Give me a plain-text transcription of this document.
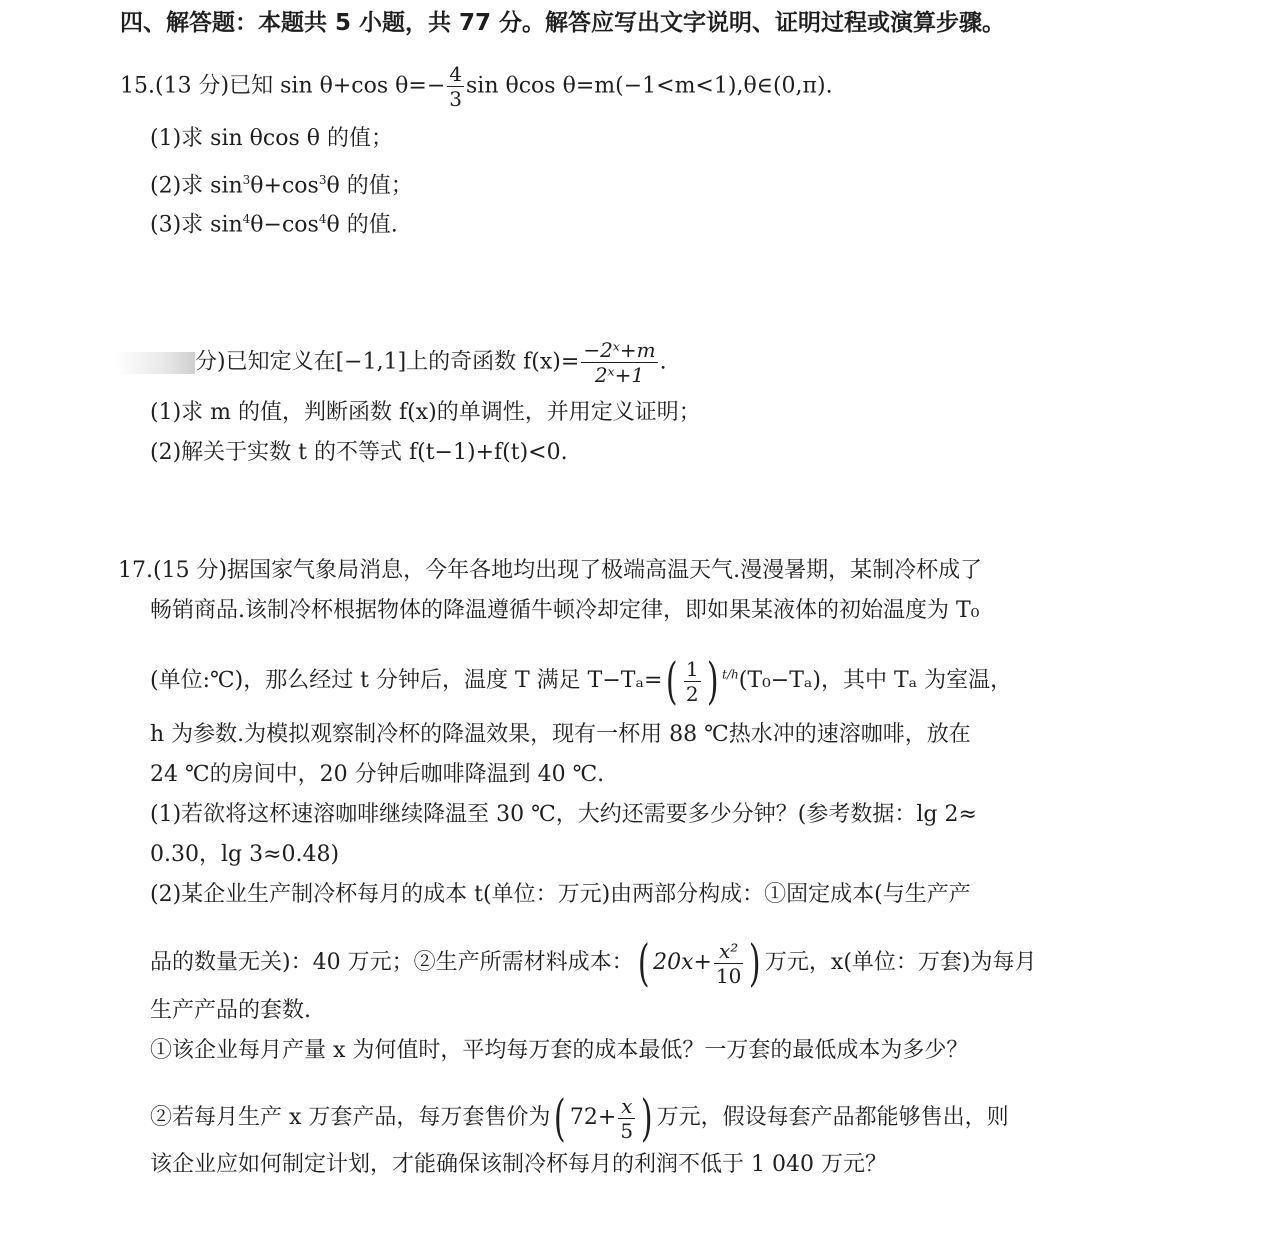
四、解答题：本题共 5 小题，共 77 分。解答应写出文字说明、证明过程或演算步骤。
15.(13 分)已知 sin θ+cos $\theta=- \frac{4}{3}$ sin θcos θ=m(−1<m<1),θ∈(0,π).
(1)求 sin θcos θ 的值；
(2)求 $\sin^3\theta+\cos^3\theta$ 的值；
(3)求 $\sin^4\theta-\cos^4\theta$ 的值.
分)已知定义在[−1,1]上的奇函数 $f(x)= \frac{\text{−2ˣ+m}}{\text{2ˣ+1}}$ .
(1)求 m 的值，判断函数 f(x)的单调性，并用定义证明；
(2)解关于实数 t 的不等式 f(t−1)+f(t)<0.
17.(15 分)据国家气象局消息，今年各地均出现了极端高温天气.漫漫暑期，某制冷杯成了
畅销商品.该制冷杯根据物体的降温遵循牛顿冷却定律，即如果某液体的初始温度为 T₀
(单位:℃)，那么经过 t 分钟后，温度 T 满足 $T-T_a=( \frac{1}{2}$ ) $^{t/h}$(T₀−Tₐ)，其中 Tₐ 为室温，
h 为参数.为模拟观察制冷杯的降温效果，现有一杯用 88 ℃热水冲的速溶咖啡，放在
24 ℃的房间中，20 分钟后咖啡降温到 40 ℃.
(1)若欲将这杯速溶咖啡继续降温至 30 ℃，大约还需要多少分钟？(参考数据：lg 2≈
0.30，lg 3≈0.48)
(2)某企业生产制冷杯每月的成本 t(单位：万元)由两部分构成：①固定成本(与生产产
品的数量无关)：40 万元；②生产所需材料成本：( $20x+ \frac{\text{x²}}{10}$ ) 万元，x(单位：万套)为每月
生产产品的套数.
①该企业每月产量 x 为何值时，平均每万套的成本最低？一万套的最低成本为多少？
②若每月生产 x 万套产品，每万套售价为( $72+ \frac{x}{5}$ ) 万元，假设每套产品都能够售出，则
该企业应如何制定计划，才能确保该制冷杯每月的利润不低于 1 040 万元？
